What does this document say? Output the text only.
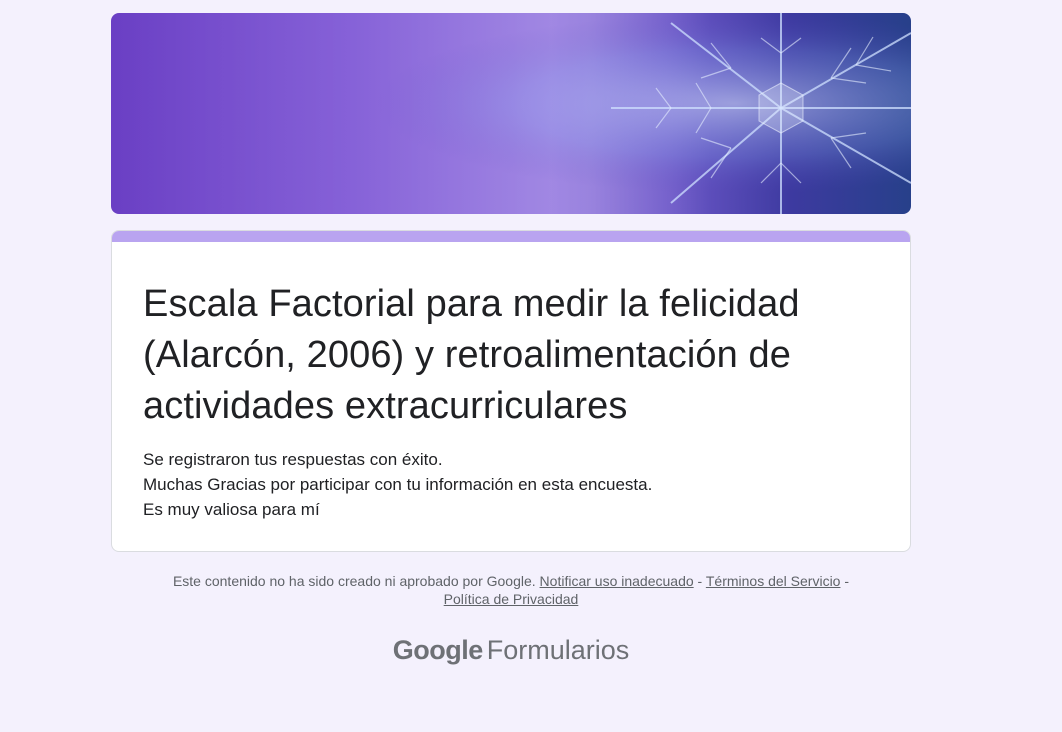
Escala Factorial para medir la felicidad (Alarcón, 2006) y retroalimentación de actividades extracurriculares
Se registraron tus respuestas con éxito.
Muchas Gracias por participar con tu información en esta encuesta.
Es muy valiosa para mí
Este contenido no ha sido creado ni aprobado por Google. Notificar uso inadecuado - Términos del Servicio -
Política de Privacidad
Google Formularios
